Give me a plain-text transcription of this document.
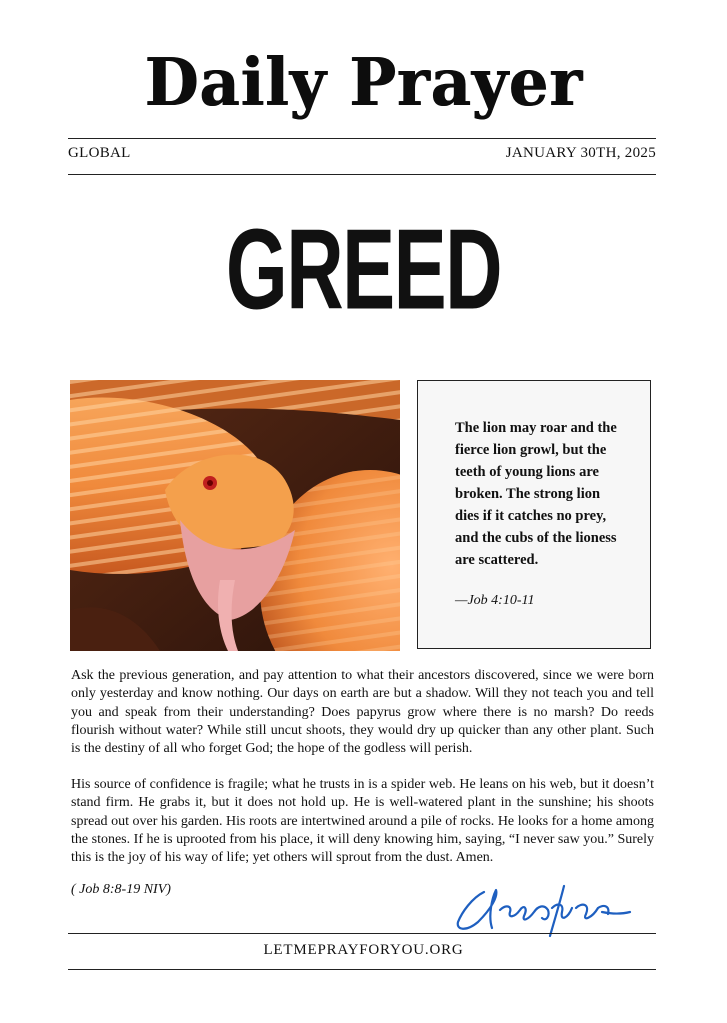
Daily Prayer
GLOBAL	JANUARY 30TH, 2025
GREED
The lion may roar and the fierce lion growl, but the teeth of young lions are broken. The strong lion dies if it catches no prey, and the cubs of the lioness are scattered.
—Job 4:10-11
Ask the previous generation, and pay attention to what their ancestors discovered, since we were born only yesterday and know nothing. Our days on earth are but a shadow. Will they not teach you and tell you and speak from their understanding? Does papyrus grow where there is no marsh? Do reeds flourish without water? While still uncut shoots, they would dry up quicker than any other plant. Such is the destiny of all who forget God; the hope of the godless will perish.
His source of confidence is fragile; what he trusts in is a spider web. He leans on his web, but it doesn’t stand firm. He grabs it, but it does not hold up. He is well-watered plant in the sunshine; his shoots spread out over his garden. His roots are intertwined around a pile of rocks. He looks for a home among the stones. If he is uprooted from his place, it will deny knowing him, saying, “I never saw you.” Surely this is the joy of his way of life; yet others will sprout from the dust. Amen.
( Job 8:8-19 NIV)
LETMEPRAYFORYOU.ORG
